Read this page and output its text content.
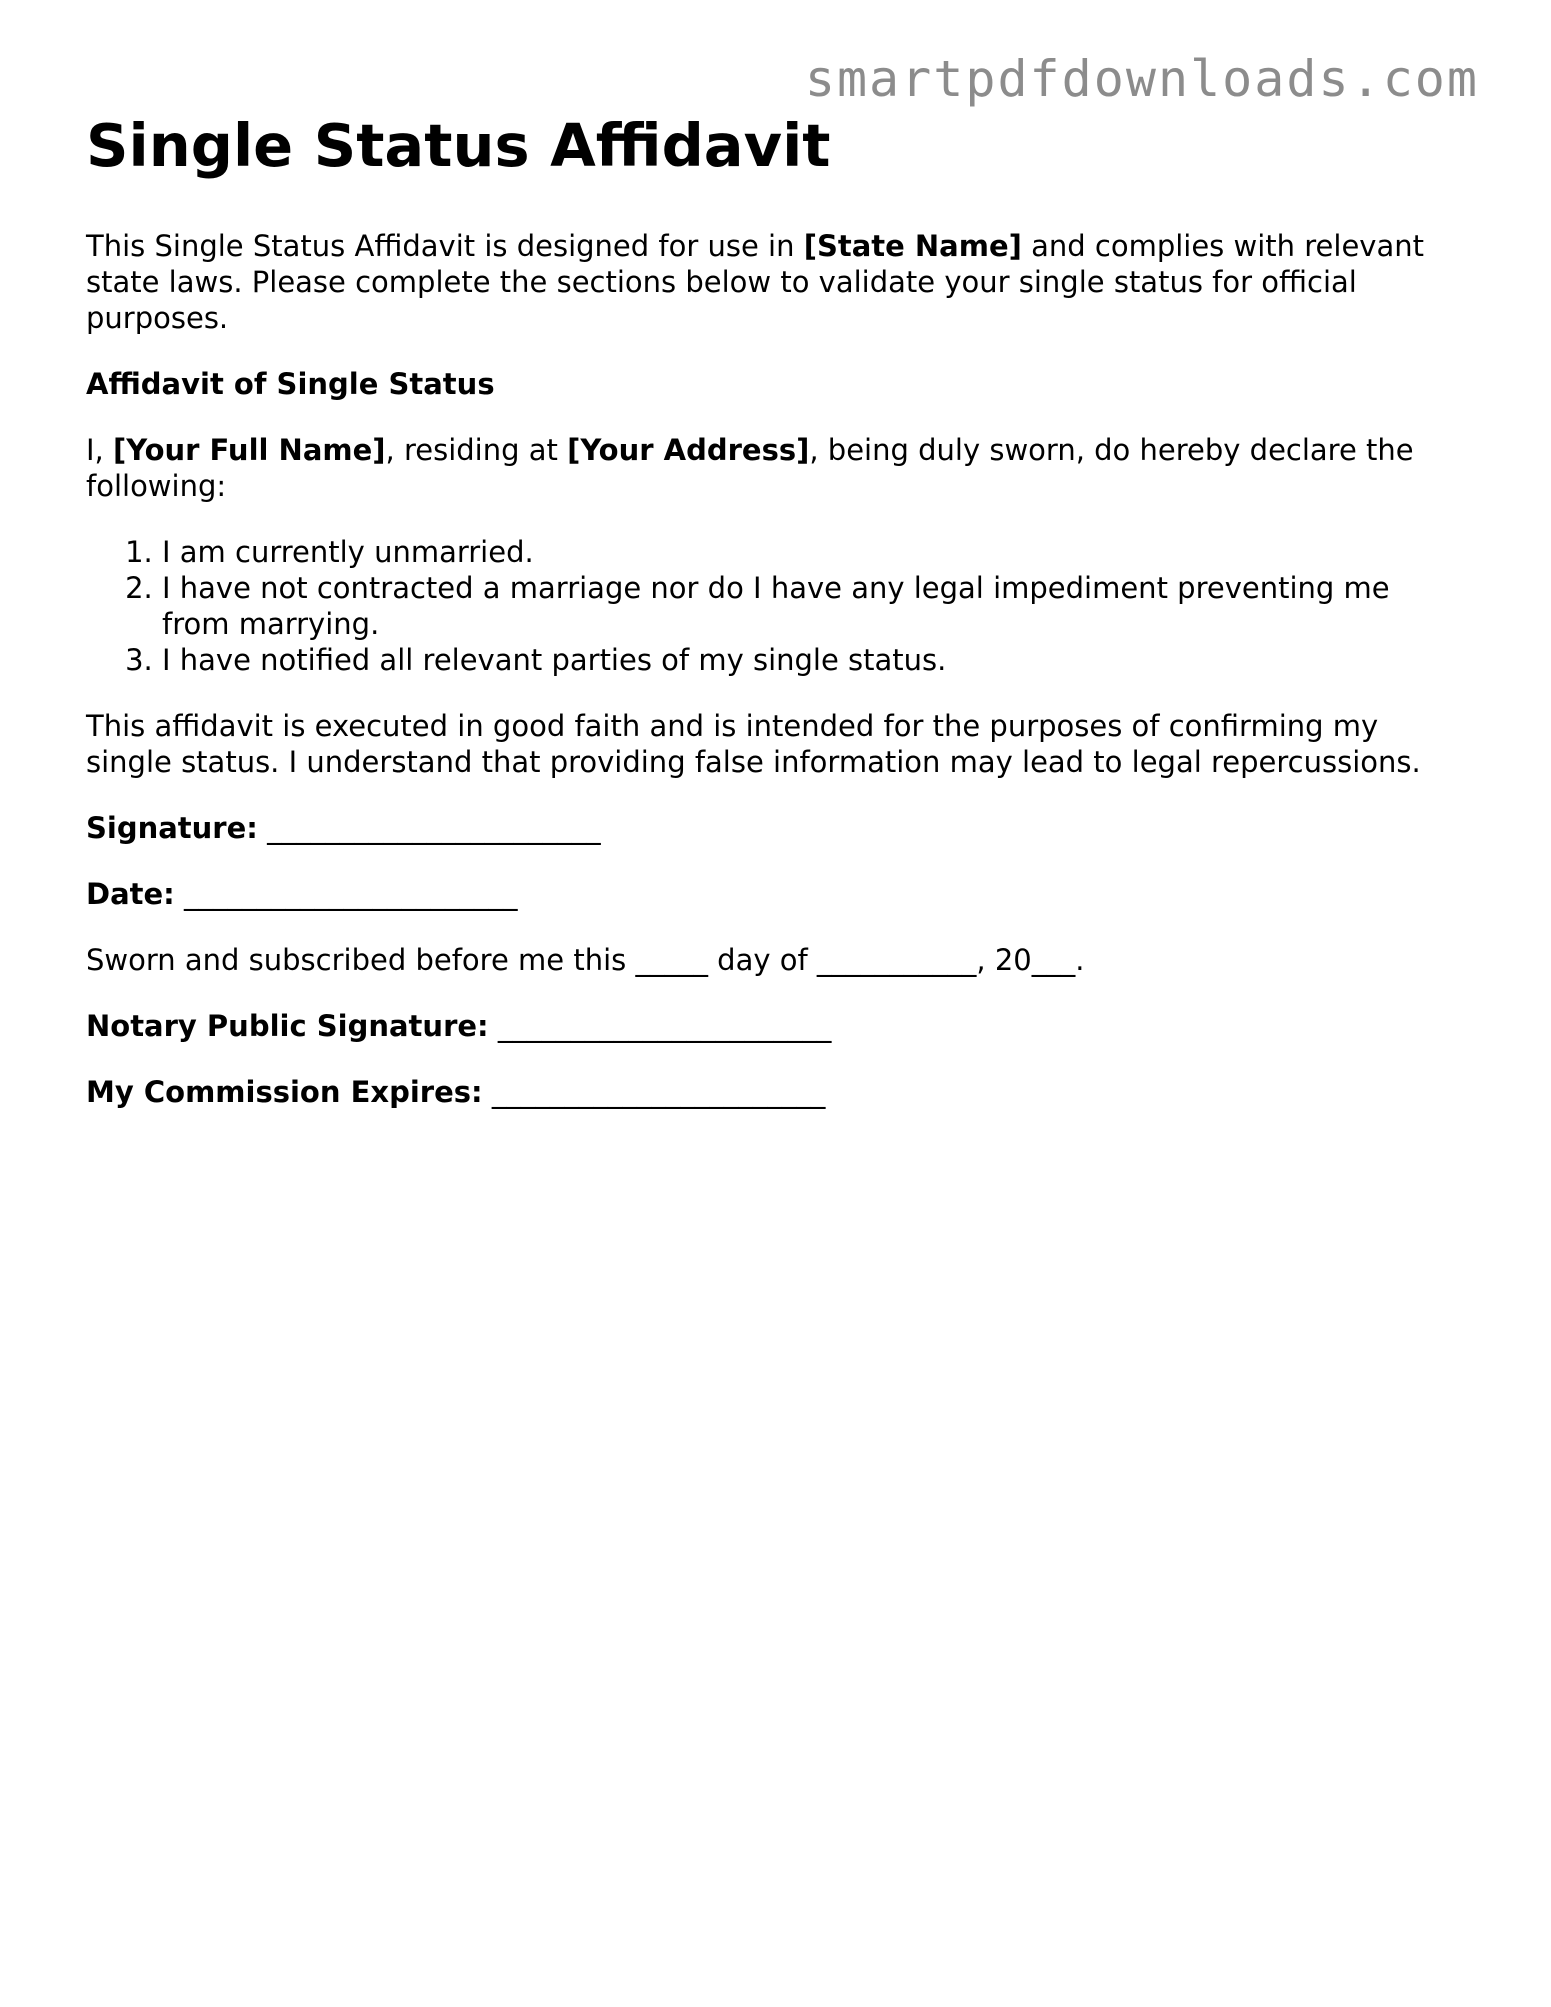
smartpdfdownloads.com
Single Status Affidavit

This Single Status Affidavit is designed for use in [State Name] and complies with relevant state laws. Please complete the sections below to validate your single status for official purposes.

Affidavit of Single Status

I, [Your Full Name], residing at [Your Address], being duly sworn, do hereby declare the following:

1. I am currently unmarried.
2. I have not contracted a marriage nor do I have any legal impediment preventing me from marrying.
3. I have notified all relevant parties of my single status.

This affidavit is executed in good faith and is intended for the purposes of confirming my single status. I understand that providing false information may lead to legal repercussions.

Signature: _______________________

Date: _______________________

Sworn and subscribed before me this _____ day of ___________, 20___.

Notary Public Signature: _______________________

My Commission Expires: _______________________
